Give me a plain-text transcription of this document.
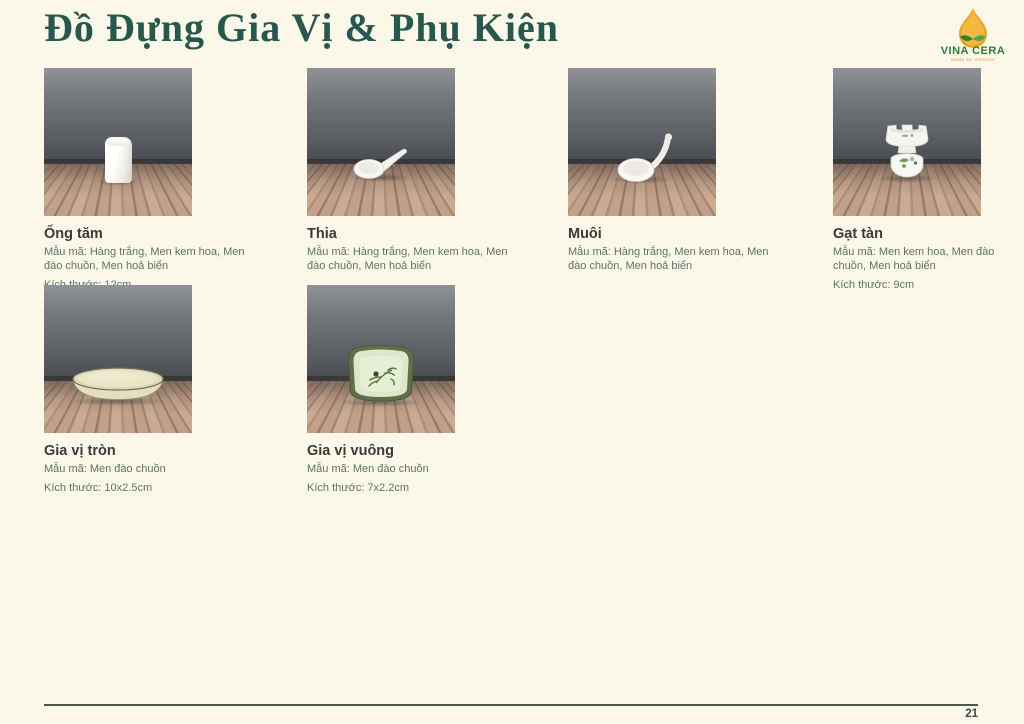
Đồ Đựng Gia Vị & Phụ Kiện
VINA CERA
Made by Vietnam

Ống tăm

Mẫu mã: Hàng trắng, Men kem hoa, Men đào chuồn, Men hoả biển

Thia

Mẫu mã: Hàng trắng, Men kem hoa, Men đào chuồn, Men hoả biển

Muôi

Mẫu mã: Hàng trắng, Men kem hoa, Men đào chuồn, Men hoả biển

Gạt tàn

Mẫu mã: Men kem hoa, Men đào chuồn, Men hoả biển

Kích thước: 9cm

Gia vị tròn

Mẫu mã: Men đào chuồn

Kích thước: 10x2.5cm

Gia vị vuông

Mẫu mã: Men đào chuồn

Kích thước: 7x2.2cm

21
